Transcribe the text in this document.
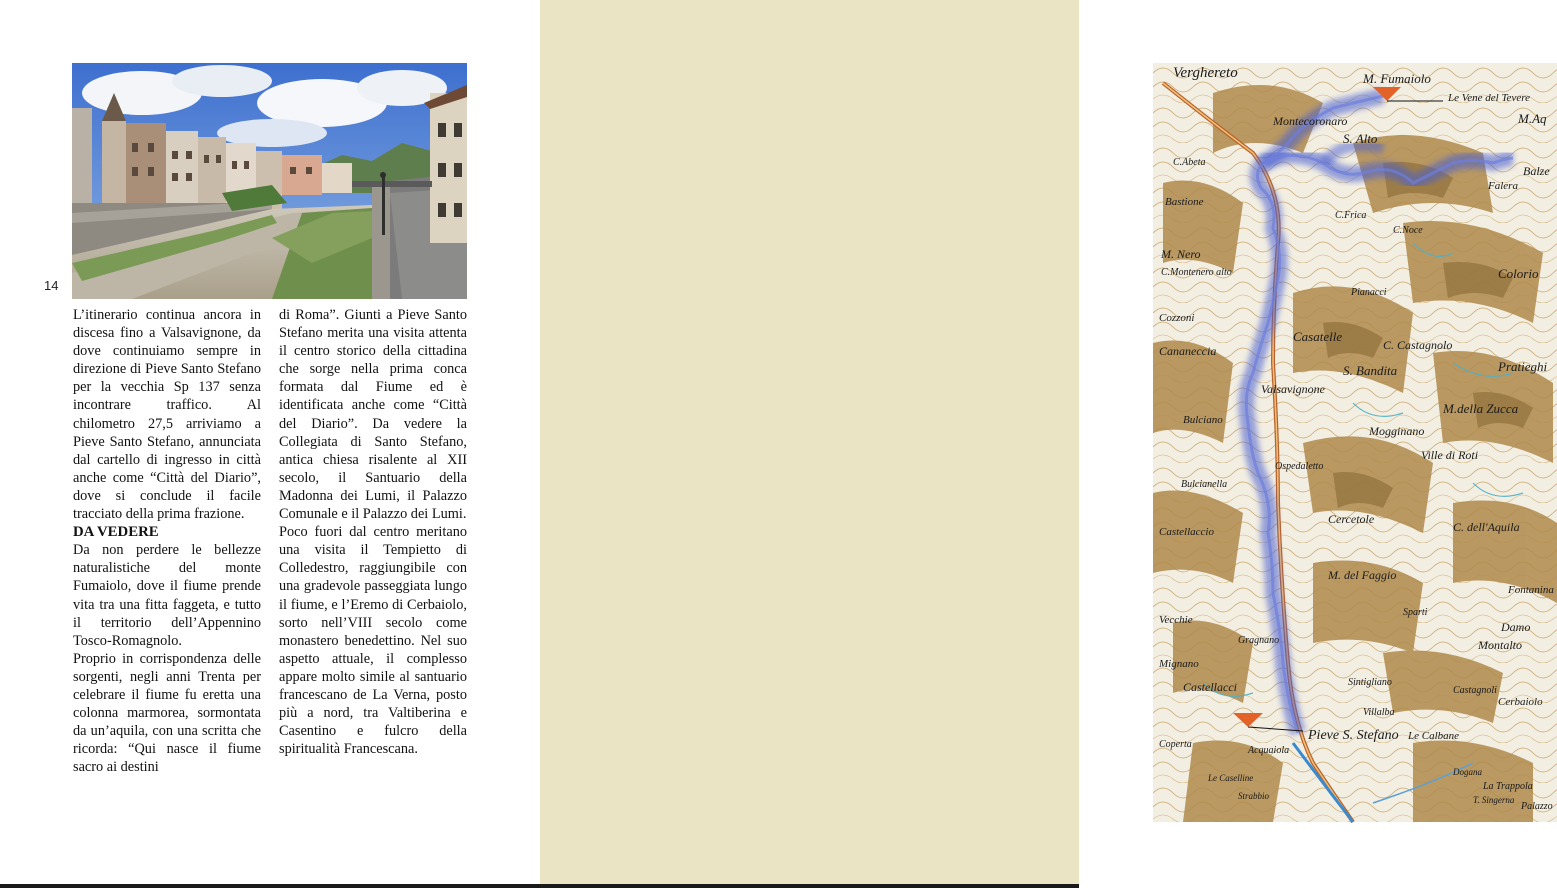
14

L’itinerario continua ancora in discesa fino a Valsavignone, da dove continuiamo sempre in direzione di Pieve Santo Stefano per la vecchia Sp 137 senza incontrare traffico. Al chilometro 27,5 arriviamo a Pieve Santo Stefano, annunciata dal cartello di ingresso in città anche come “Città del Diario”, dove si conclude il facile tracciato della prima frazione.

DA VEDERE

Da non perdere le bellezze naturalistiche del monte Fumaiolo, dove il fiume prende vita tra una fitta faggeta, e tutto il territorio dell’Appennino Tosco-Romagnolo.

Proprio in corrispondenza delle sorgenti, negli anni Trenta per celebrare il fiume fu eretta una colonna marmorea, sormontata da un’aquila, con una scritta che ricorda: “Qui nasce il fiume sacro ai destini

di Roma”. Giunti a Pieve Santo Stefano merita una visita attenta il centro storico della cittadina che sorge nella prima conca formata dal Fiume ed è identificata anche come “Città del Diario”. Da vedere la Collegiata di Santo Stefano, antica chiesa risalente al XII secolo, il Santuario della Madonna dei Lumi, il Palazzo Comunale e il Palazzo dei Lumi.

Poco fuori dal centro meritano una visita il Tempietto di Colledestro, raggiungibile con una gradevole passeggiata lungo il fiume, e l’Eremo di Cerbaiolo, sorto nell’VIII secolo come monastero benedettino. Nel suo aspetto attuale, il complesso appare molto simile al santuario francescano de La Verna, posto più a nord, tra Valtiberina e Casentino e fulcro della spiritualità Francescana.

Verghereto	M. Fumaiolo
Le Vene del Tevere
M.Aq
Balze
Falera
Montecoronaro
S. Alto
C.Abeta
Bastione
C.Frica
C.Noce
M. Nero
C.Montenero alto	Colorio
Pianacci
Cozzoni
Cananeccia
Casatelle
C. Castagnolo
Pratieghi
S. Bandita
Valsavignone
Bulciano
M.della Zucca
Mogginano
Ville di Roti
Ospedaletto
Bulcianella
Castellaccio	C. dell'Aquila
Cercetole
M. del Faggio
Fontanina
Sparti
Damo
Vecchie
Gragnano	Montalto
Mignano
Castellacci	Sintigliano
Villalba
Castagnoli
Pieve S. Stefano Le Calbane
Cerbaiolo
Acquaiola
Coperta
Dogana
La Trappola
Le Caselline
Strabbio	T. Singerna
Palazzo
